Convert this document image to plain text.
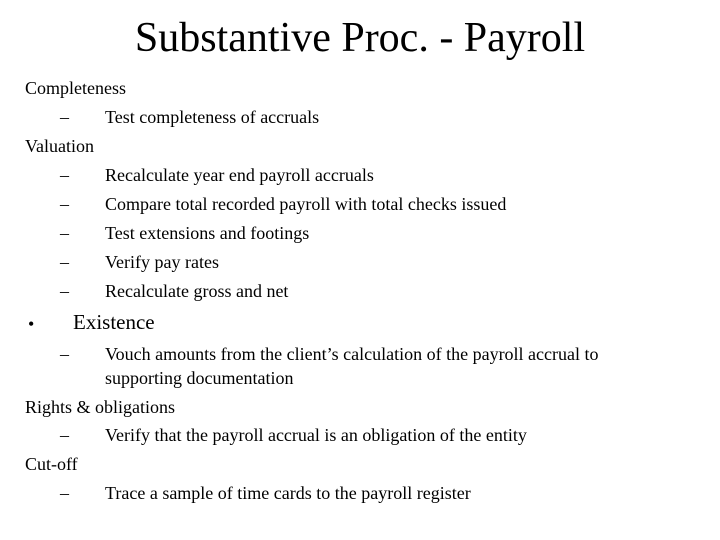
Substantive Proc. - Payroll
Completeness
– Test completeness of accruals
Valuation
– Recalculate year end payroll accruals
– Compare total recorded payroll with total checks issued
– Test extensions and footings
– Verify pay rates
– Recalculate gross and net
• Existence
– Vouch amounts from the client’s calculation of the payroll accrual to
supporting documentation
Rights & obligations
– Verify that the payroll accrual is an obligation of the entity
Cut-off
– Trace a sample of time cards to the payroll register
